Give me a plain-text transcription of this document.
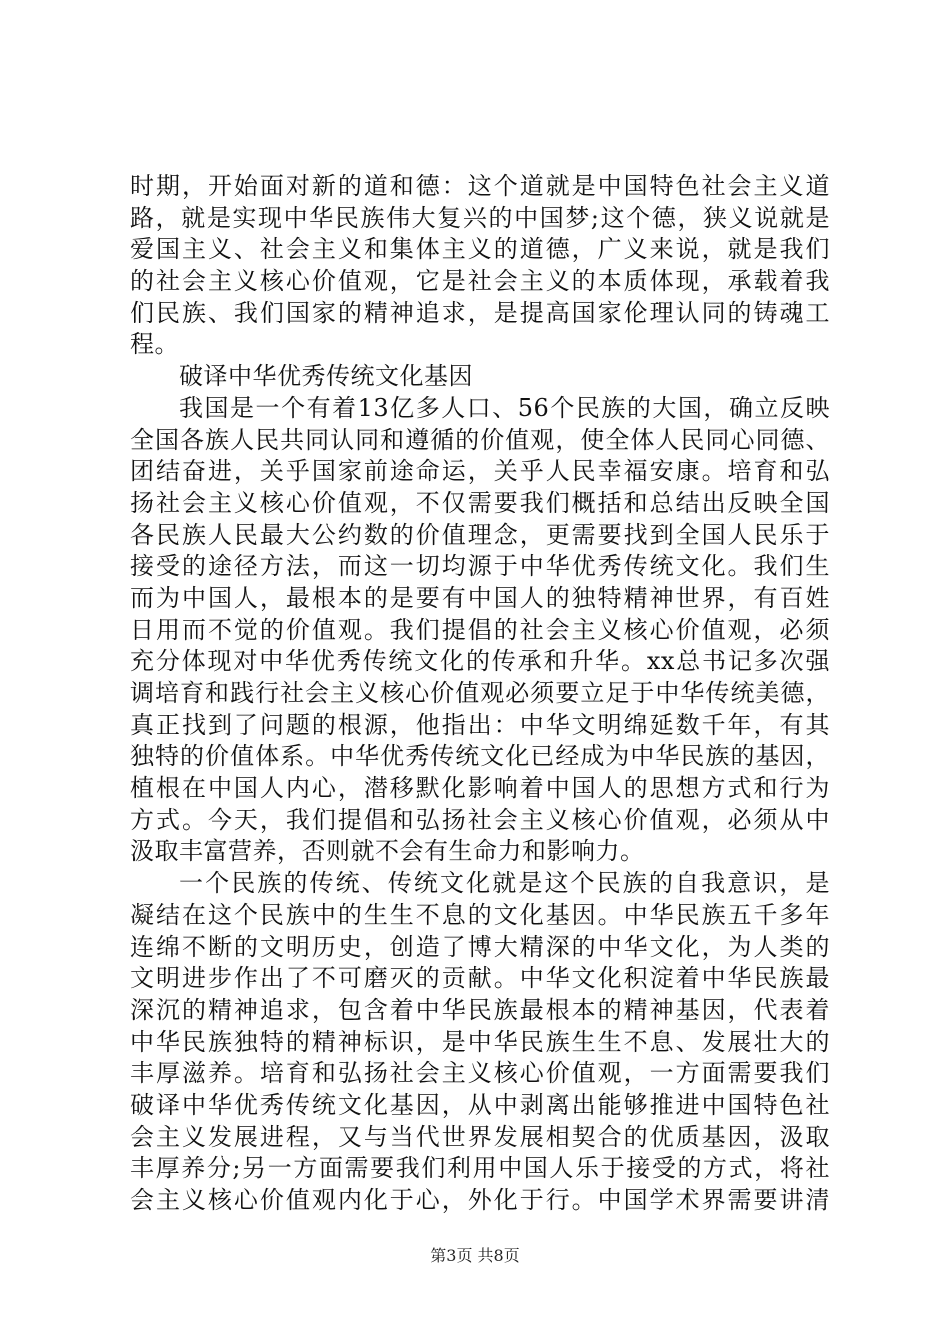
时期，开始面对新的道和德：这个道就是中国特色社会主义道
路，就是实现中华民族伟大复兴的中国梦;这个德，狭义说就是
爱国主义、社会主义和集体主义的道德，广义来说，就是我们
的社会主义核心价值观，它是社会主义的本质体现，承载着我
们民族、我们国家的精神追求，是提高国家伦理认同的铸魂工
程。
破译中华优秀传统文化基因
我国是一个有着13亿多人口、56个民族的大国，确立反映
全国各族人民共同认同和遵循的价值观，使全体人民同心同德、
团结奋进，关乎国家前途命运，关乎人民幸福安康。培育和弘
扬社会主义核心价值观，不仅需要我们概括和总结出反映全国
各民族人民最大公约数的价值理念，更需要找到全国人民乐于
接受的途径方法，而这一切均源于中华优秀传统文化。我们生
而为中国人，最根本的是要有中国人的独特精神世界，有百姓
日用而不觉的价值观。我们提倡的社会主义核心价值观，必须
充分体现对中华优秀传统文化的传承和升华。xx总书记多次强
调培育和践行社会主义核心价值观必须要立足于中华传统美德，
真正找到了问题的根源，他指出：中华文明绵延数千年，有其
独特的价值体系。中华优秀传统文化已经成为中华民族的基因，
植根在中国人内心，潜移默化影响着中国人的思想方式和行为
方式。今天，我们提倡和弘扬社会主义核心价值观，必须从中
汲取丰富营养，否则就不会有生命力和影响力。
一个民族的传统、传统文化就是这个民族的自我意识，是
凝结在这个民族中的生生不息的文化基因。中华民族五千多年
连绵不断的文明历史，创造了博大精深的中华文化，为人类的
文明进步作出了不可磨灭的贡献。中华文化积淀着中华民族最
深沉的精神追求，包含着中华民族最根本的精神基因，代表着
中华民族独特的精神标识，是中华民族生生不息、发展壮大的
丰厚滋养。培育和弘扬社会主义核心价值观，一方面需要我们
破译中华优秀传统文化基因，从中剥离出能够推进中国特色社
会主义发展进程，又与当代世界发展相契合的优质基因，汲取
丰厚养分;另一方面需要我们利用中国人乐于接受的方式，将社
会主义核心价值观内化于心，外化于行。中国学术界需要讲清
第3页 共8页
